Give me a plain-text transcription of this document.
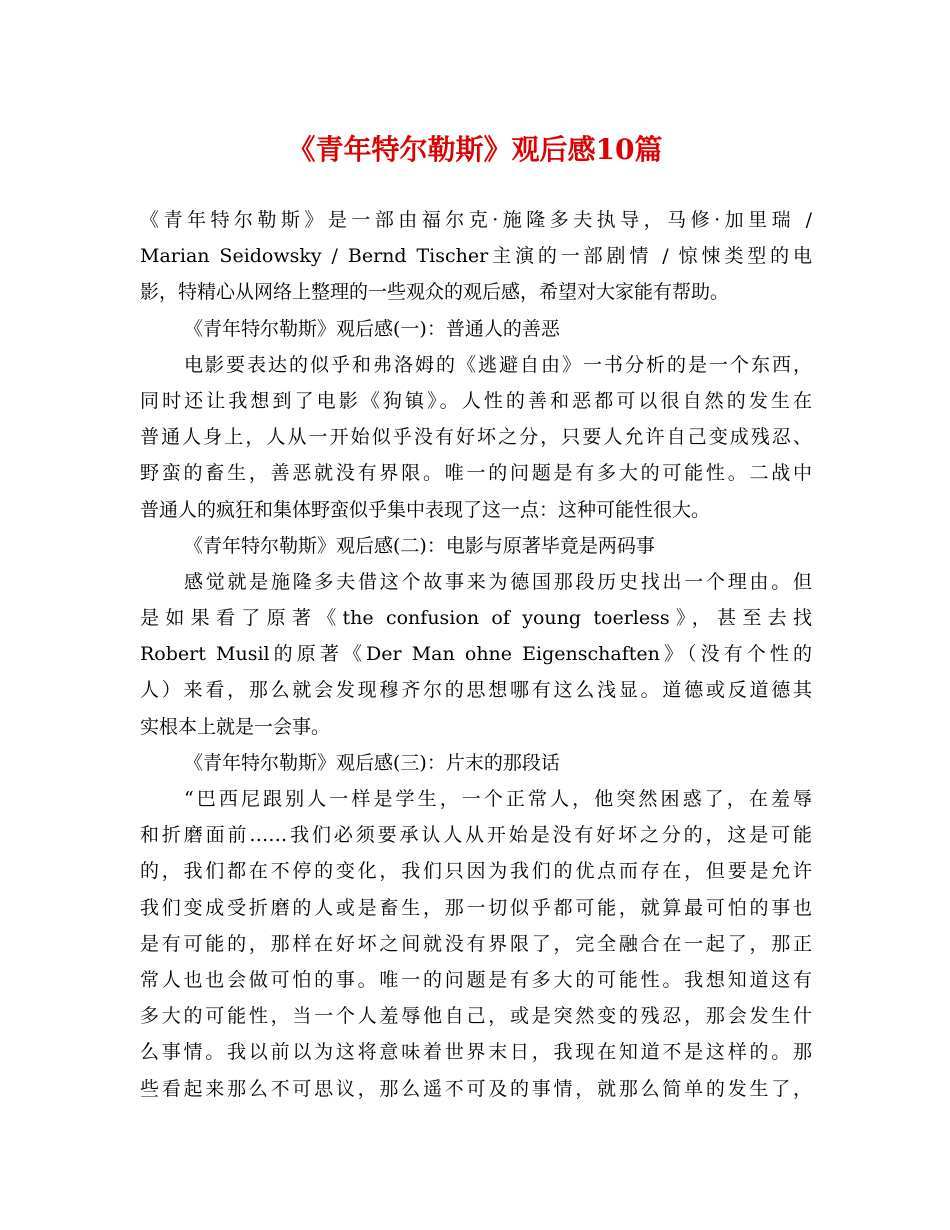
《青年特尔勒斯》观后感10篇
《青年特尔勒斯》是一部由福尔克·施隆多夫执导，马修·加里瑞 /
Marian Seidowsky / Bernd Tischer主演的一部剧情 / 惊悚类型的电
影，特精心从网络上整理的一些观众的观后感，希望对大家能有帮助。
《青年特尔勒斯》观后感(一)：普通人的善恶
电影要表达的似乎和弗洛姆的《逃避自由》一书分析的是一个东西，
同时还让我想到了电影《狗镇》。人性的善和恶都可以很自然的发生在
普通人身上，人从一开始似乎没有好坏之分，只要人允许自己变成残忍、
野蛮的畜生，善恶就没有界限。唯一的问题是有多大的可能性。二战中
普通人的疯狂和集体野蛮似乎集中表现了这一点：这种可能性很大。
《青年特尔勒斯》观后感(二)：电影与原著毕竟是两码事
感觉就是施隆多夫借这个故事来为德国那段历史找出一个理由。但
是如果看了原著《the confusion of young toerless》，甚至去找
Robert Musil的原著《Der Man ohne Eigenschaften》（没有个性的
人）来看，那么就会发现穆齐尔的思想哪有这么浅显。道德或反道德其
实根本上就是一会事。
《青年特尔勒斯》观后感(三)：片末的那段话
“巴西尼跟别人一样是学生，一个正常人，他突然困惑了，在羞辱
和折磨面前……我们必须要承认人从开始是没有好坏之分的，这是可能
的，我们都在不停的变化，我们只因为我们的优点而存在，但要是允许
我们变成受折磨的人或是畜生，那一切似乎都可能，就算最可怕的事也
是有可能的，那样在好坏之间就没有界限了，完全融合在一起了，那正
常人也也会做可怕的事。唯一的问题是有多大的可能性。我想知道这有
多大的可能性，当一个人羞辱他自己，或是突然变的残忍，那会发生什
么事情。我以前以为这将意味着世界末日，我现在知道不是这样的。那
些看起来那么不可思议，那么遥不可及的事情，就那么简单的发生了，
